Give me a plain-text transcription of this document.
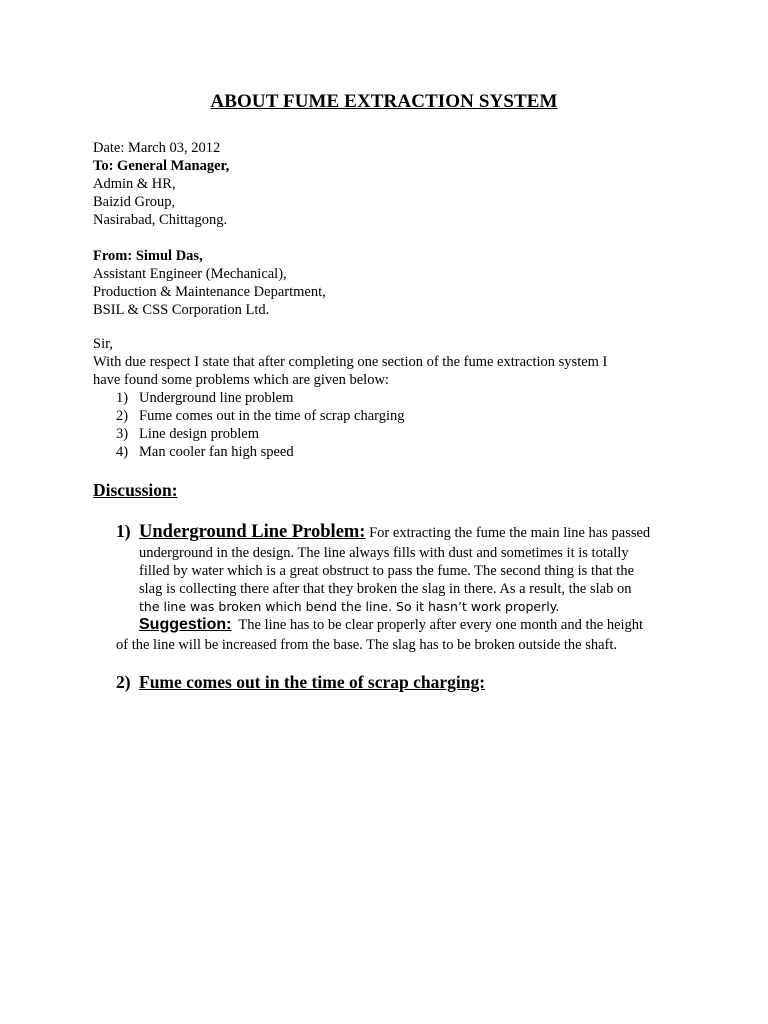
ABOUT FUME EXTRACTION SYSTEM
Date: March 03, 2012
To: General Manager,
Admin & HR,
Baizid Group,
Nasirabad, Chittagong.
From: Simul Das,
Assistant Engineer (Mechanical),
Production & Maintenance Department,
BSIL & CSS Corporation Ltd.
Sir,
With due respect I state that after completing one section of the fume extraction system I
have found some problems which are given below:
1) Underground line problem
2) Fume comes out in the time of scrap charging
3) Line design problem
4) Man cooler fan high speed
Discussion:
1) Underground Line Problem: For extracting the fume the main line has passed
underground in the design. The line always fills with dust and sometimes it is totally
filled by water which is a great obstruct to pass the fume. The second thing is that the
slag is collecting there after that they broken the slag in there. As a result, the slab on
the line was broken which bend the line. So it hasn’t work properly.
Suggestion:  The line has to be clear properly after every one month and the height
of the line will be increased from the base. The slag has to be broken outside the shaft.
2) Fume comes out in the time of scrap charging:
